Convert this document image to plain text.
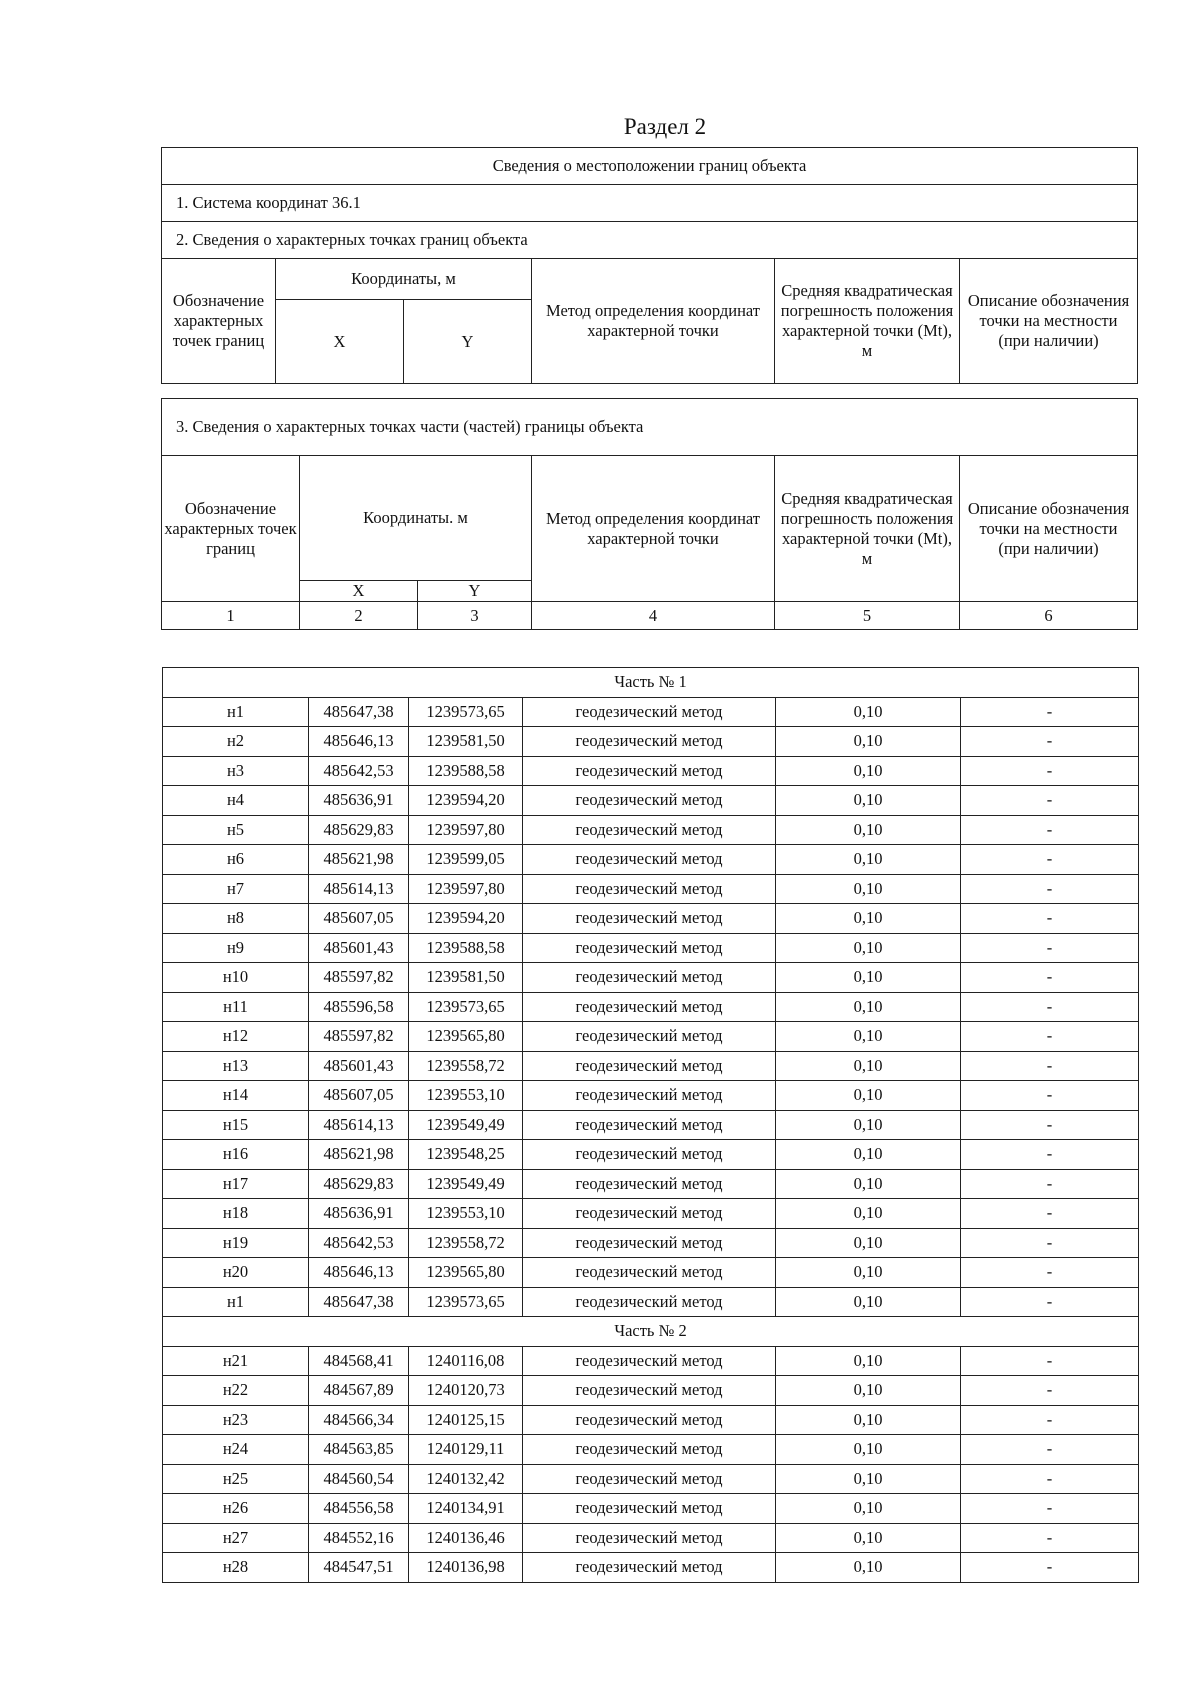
Раздел 2
Сведения о местоположении границ объекта					
1. Система координат 36.1					
2. Сведения о характерных точках границ объекта					
Обозначение характерных точек границ	Координаты, м		Метод определения координат характерной точки	Средняя квадратическая погрешность положения характерной точки (Mt), м	Описание обозначения точки на местности (при наличии)
	X	Y			
3. Сведения о характерных точках части (частей) границы объекта					
Обозначение характерных точек границ	Координаты. м		Метод определения координат характерной точки	Средняя квадратическая погрешность положения характерной точки (Mt), м	Описание обозначения точки на местности (при наличии)
	X	Y			
1	2	3	4	5	6
Часть № 1					
н1	485647,38	1239573,65	геодезический метод	0,10	-
н2	485646,13	1239581,50	геодезический метод	0,10	-
н3	485642,53	1239588,58	геодезический метод	0,10	-
н4	485636,91	1239594,20	геодезический метод	0,10	-
н5	485629,83	1239597,80	геодезический метод	0,10	-
н6	485621,98	1239599,05	геодезический метод	0,10	-
н7	485614,13	1239597,80	геодезический метод	0,10	-
н8	485607,05	1239594,20	геодезический метод	0,10	-
н9	485601,43	1239588,58	геодезический метод	0,10	-
н10	485597,82	1239581,50	геодезический метод	0,10	-
н11	485596,58	1239573,65	геодезический метод	0,10	-
н12	485597,82	1239565,80	геодезический метод	0,10	-
н13	485601,43	1239558,72	геодезический метод	0,10	-
н14	485607,05	1239553,10	геодезический метод	0,10	-
н15	485614,13	1239549,49	геодезический метод	0,10	-
н16	485621,98	1239548,25	геодезический метод	0,10	-
н17	485629,83	1239549,49	геодезический метод	0,10	-
н18	485636,91	1239553,10	геодезический метод	0,10	-
н19	485642,53	1239558,72	геодезический метод	0,10	-
н20	485646,13	1239565,80	геодезический метод	0,10	-
н1	485647,38	1239573,65	геодезический метод	0,10	-
Часть № 2					
н21	484568,41	1240116,08	геодезический метод	0,10	-
н22	484567,89	1240120,73	геодезический метод	0,10	-
н23	484566,34	1240125,15	геодезический метод	0,10	-
н24	484563,85	1240129,11	геодезический метод	0,10	-
н25	484560,54	1240132,42	геодезический метод	0,10	-
н26	484556,58	1240134,91	геодезический метод	0,10	-
н27	484552,16	1240136,46	геодезический метод	0,10	-
н28	484547,51	1240136,98	геодезический метод	0,10	-
